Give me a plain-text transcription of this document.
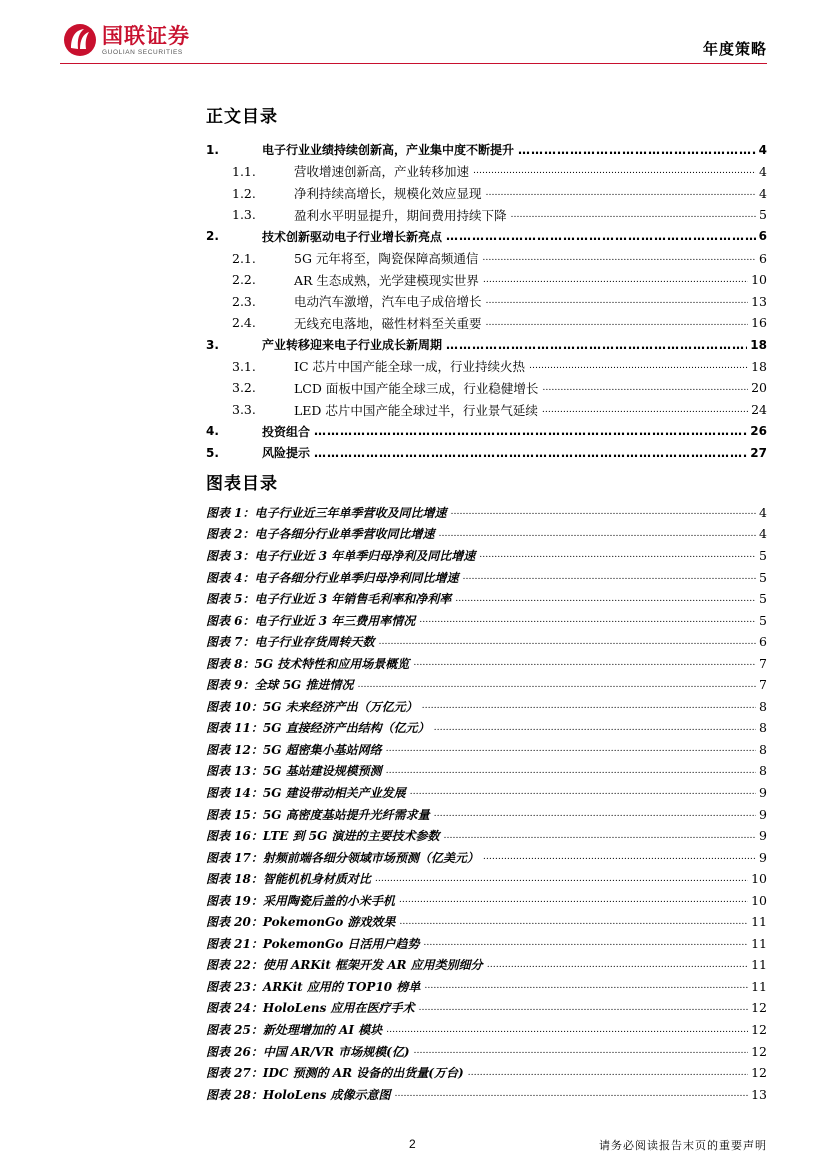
国联证券
GUOLIAN SECURITIES	年度策略
正文目录
1.	电子行业业绩持续创新高，产业集中度不断提升 …………………………………………………………………………………………………………………………………………………………………………………………	4
1.1.	营收增速创新高，产业转移加速 …………………………………………………………………………………………………………………………………………………………………………………………	4
1.2.	净利持续高增长，规模化效应显现 …………………………………………………………………………………………………………………………………………………………………………………………	4
1.3.	盈利水平明显提升，期间费用持续下降 …………………………………………………………………………………………………………………………………………………………………………………………	5
2.	技术创新驱动电子行业增长新亮点 …………………………………………………………………………………………………………………………………………………………………………………………	6
2.1.	5G 元年将至，陶瓷保障高频通信 …………………………………………………………………………………………………………………………………………………………………………………………	6
2.2.	AR 生态成熟，光学建模现实世界 …………………………………………………………………………………………………………………………………………………………………………………………	10
2.3.	电动汽车激增，汽车电子成倍增长 …………………………………………………………………………………………………………………………………………………………………………………………	13
2.4.	无线充电落地，磁性材料至关重要 …………………………………………………………………………………………………………………………………………………………………………………………	16
3.	产业转移迎来电子行业成长新周期 …………………………………………………………………………………………………………………………………………………………………………………………	18
3.1.	IC 芯片中国产能全球一成，行业持续火热 …………………………………………………………………………………………………………………………………………………………………………………………	18
3.2.	LCD 面板中国产能全球三成，行业稳健增长 …………………………………………………………………………………………………………………………………………………………………………………………	20
3.3.	LED 芯片中国产能全球过半，行业景气延续 …………………………………………………………………………………………………………………………………………………………………………………………	24
4.	投资组合 …………………………………………………………………………………………………………………………………………………………………………………………	26
5.	风险提示 …………………………………………………………………………………………………………………………………………………………………………………………	27
图表目录
图表 1：电子行业近三年单季营收及同比增速 …………………………………………………………………………………………………………………………………………………………………………………………	4
图表 2：电子各细分行业单季营收同比增速 …………………………………………………………………………………………………………………………………………………………………………………………	4
图表 3：电子行业近 3 年单季归母净利及同比增速 …………………………………………………………………………………………………………………………………………………………………………………………	5
图表 4：电子各细分行业单季归母净利同比增速 …………………………………………………………………………………………………………………………………………………………………………………………	5
图表 5：电子行业近 3 年销售毛利率和净利率 …………………………………………………………………………………………………………………………………………………………………………………………	5
图表 6：电子行业近 3 年三费用率情况 …………………………………………………………………………………………………………………………………………………………………………………………	5
图表 7：电子行业存货周转天数 …………………………………………………………………………………………………………………………………………………………………………………………	6
图表 8：5G 技术特性和应用场景概览 …………………………………………………………………………………………………………………………………………………………………………………………	7
图表 9：全球 5G 推进情况 …………………………………………………………………………………………………………………………………………………………………………………………	7
图表 10：5G 未来经济产出（万亿元） …………………………………………………………………………………………………………………………………………………………………………………………	8
图表 11：5G 直接经济产出结构（亿元） …………………………………………………………………………………………………………………………………………………………………………………………	8
图表 12：5G 超密集小基站网络 …………………………………………………………………………………………………………………………………………………………………………………………	8
图表 13：5G 基站建设规模预测 …………………………………………………………………………………………………………………………………………………………………………………………	8
图表 14：5G 建设带动相关产业发展 …………………………………………………………………………………………………………………………………………………………………………………………	9
图表 15：5G 高密度基站提升光纤需求量 …………………………………………………………………………………………………………………………………………………………………………………………	9
图表 16：LTE 到 5G 演进的主要技术参数 …………………………………………………………………………………………………………………………………………………………………………………………	9
图表 17：射频前端各细分领域市场预测（亿美元） …………………………………………………………………………………………………………………………………………………………………………………………	9
图表 18：智能机机身材质对比 …………………………………………………………………………………………………………………………………………………………………………………………	10
图表 19：采用陶瓷后盖的小米手机 …………………………………………………………………………………………………………………………………………………………………………………………	10
图表 20：PokemonGo 游戏效果 …………………………………………………………………………………………………………………………………………………………………………………………	11
图表 21：PokemonGo 日活用户趋势 …………………………………………………………………………………………………………………………………………………………………………………………	11
图表 22：使用 ARKit 框架开发 AR 应用类别细分 …………………………………………………………………………………………………………………………………………………………………………………………	11
图表 23：ARKit 应用的 TOP10 榜单 …………………………………………………………………………………………………………………………………………………………………………………………	11
图表 24：HoloLens 应用在医疗手术 …………………………………………………………………………………………………………………………………………………………………………………………	12
图表 25：新处理增加的 AI 模块 …………………………………………………………………………………………………………………………………………………………………………………………	12
图表 26：中国 AR/VR 市场规模(亿) …………………………………………………………………………………………………………………………………………………………………………………………	12
图表 27：IDC 预测的 AR 设备的出货量(万台) …………………………………………………………………………………………………………………………………………………………………………………………	12
图表 28：HoloLens 成像示意图 …………………………………………………………………………………………………………………………………………………………………………………………	13
2	请务必阅读报告末页的重要声明
